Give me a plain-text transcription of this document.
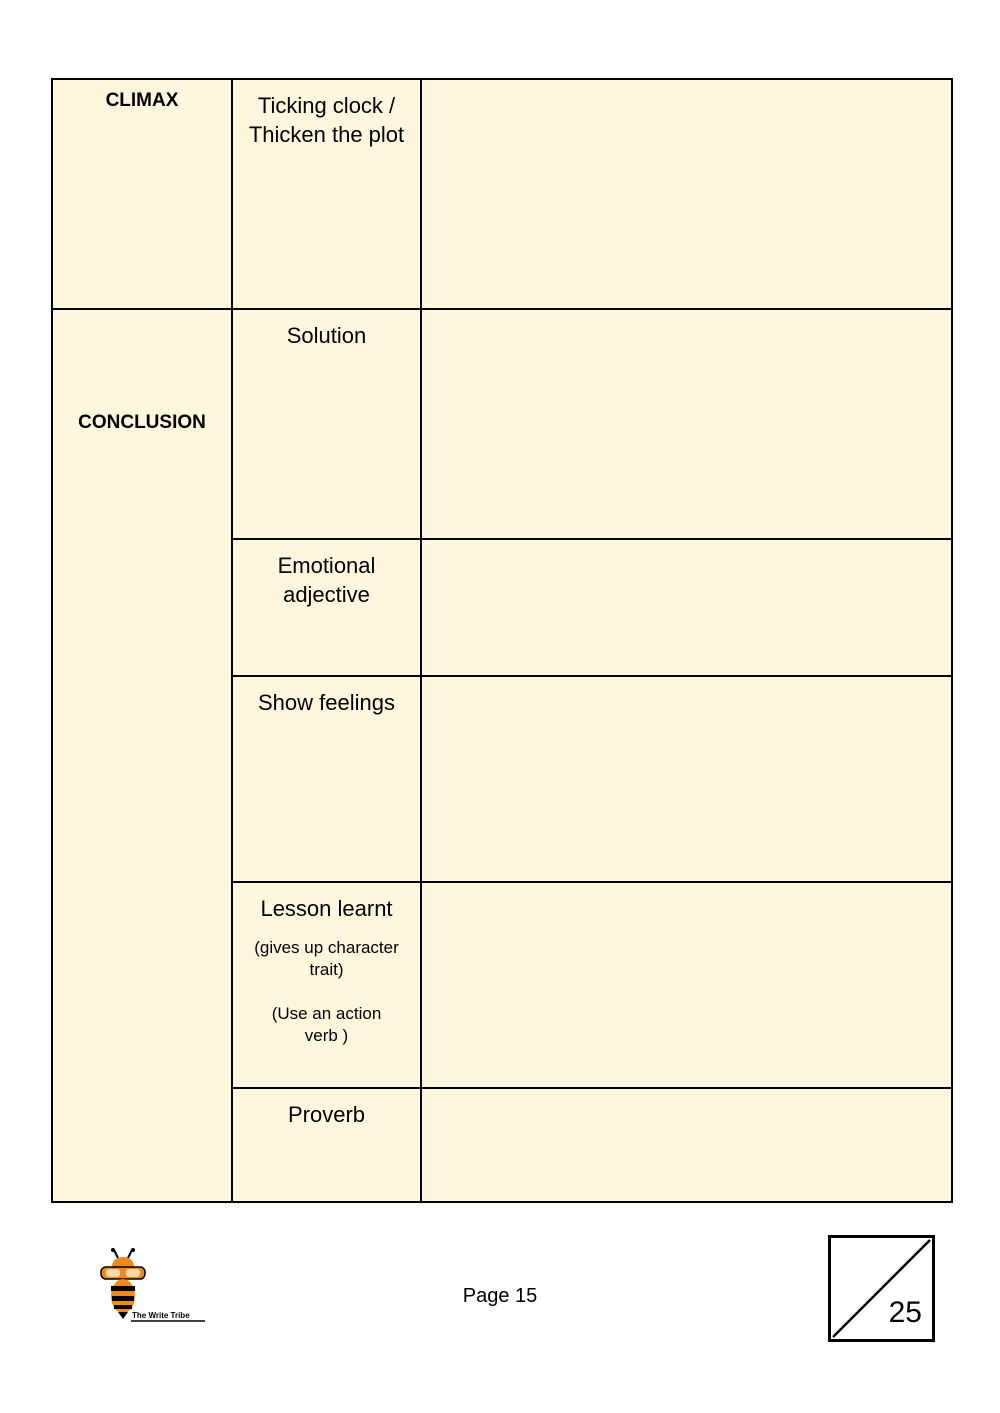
CLIMAX	Ticking clock / Thicken the plot	

CONCLUSION	Solution	

	Emotional adjective	

	Show feelings	

	Lesson learnt
(gives up character trait)
(Use an action verb )	

	Proverb	

The Write Tribe
Page 15	25
